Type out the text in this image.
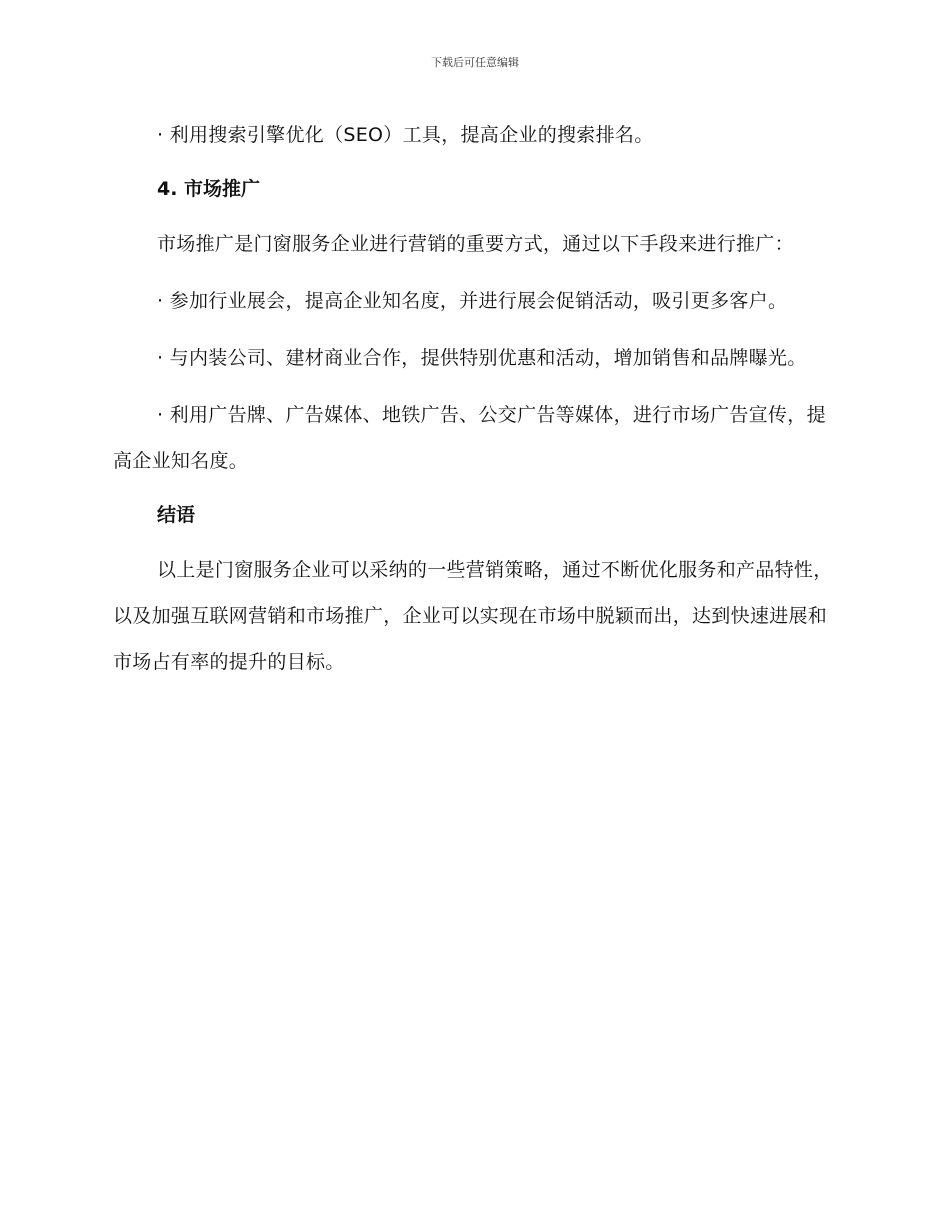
下载后可任意编辑

· 利用搜索引擎优化（SEO）工具，提高企业的搜索排名。

4. 市场推广

市场推广是门窗服务企业进行营销的重要方式，通过以下手段来进行推广：

· 参加行业展会，提高企业知名度，并进行展会促销活动，吸引更多客户。

· 与内装公司、建材商业合作，提供特别优惠和活动，增加销售和品牌曝光。

· 利用广告牌、广告媒体、地铁广告、公交广告等媒体，进行市场广告宣传，提高企业知名度。

结语

以上是门窗服务企业可以采纳的一些营销策略，通过不断优化服务和产品特性，以及加强互联网营销和市场推广，企业可以实现在市场中脱颖而出，达到快速进展和市场占有率的提升的目标。
